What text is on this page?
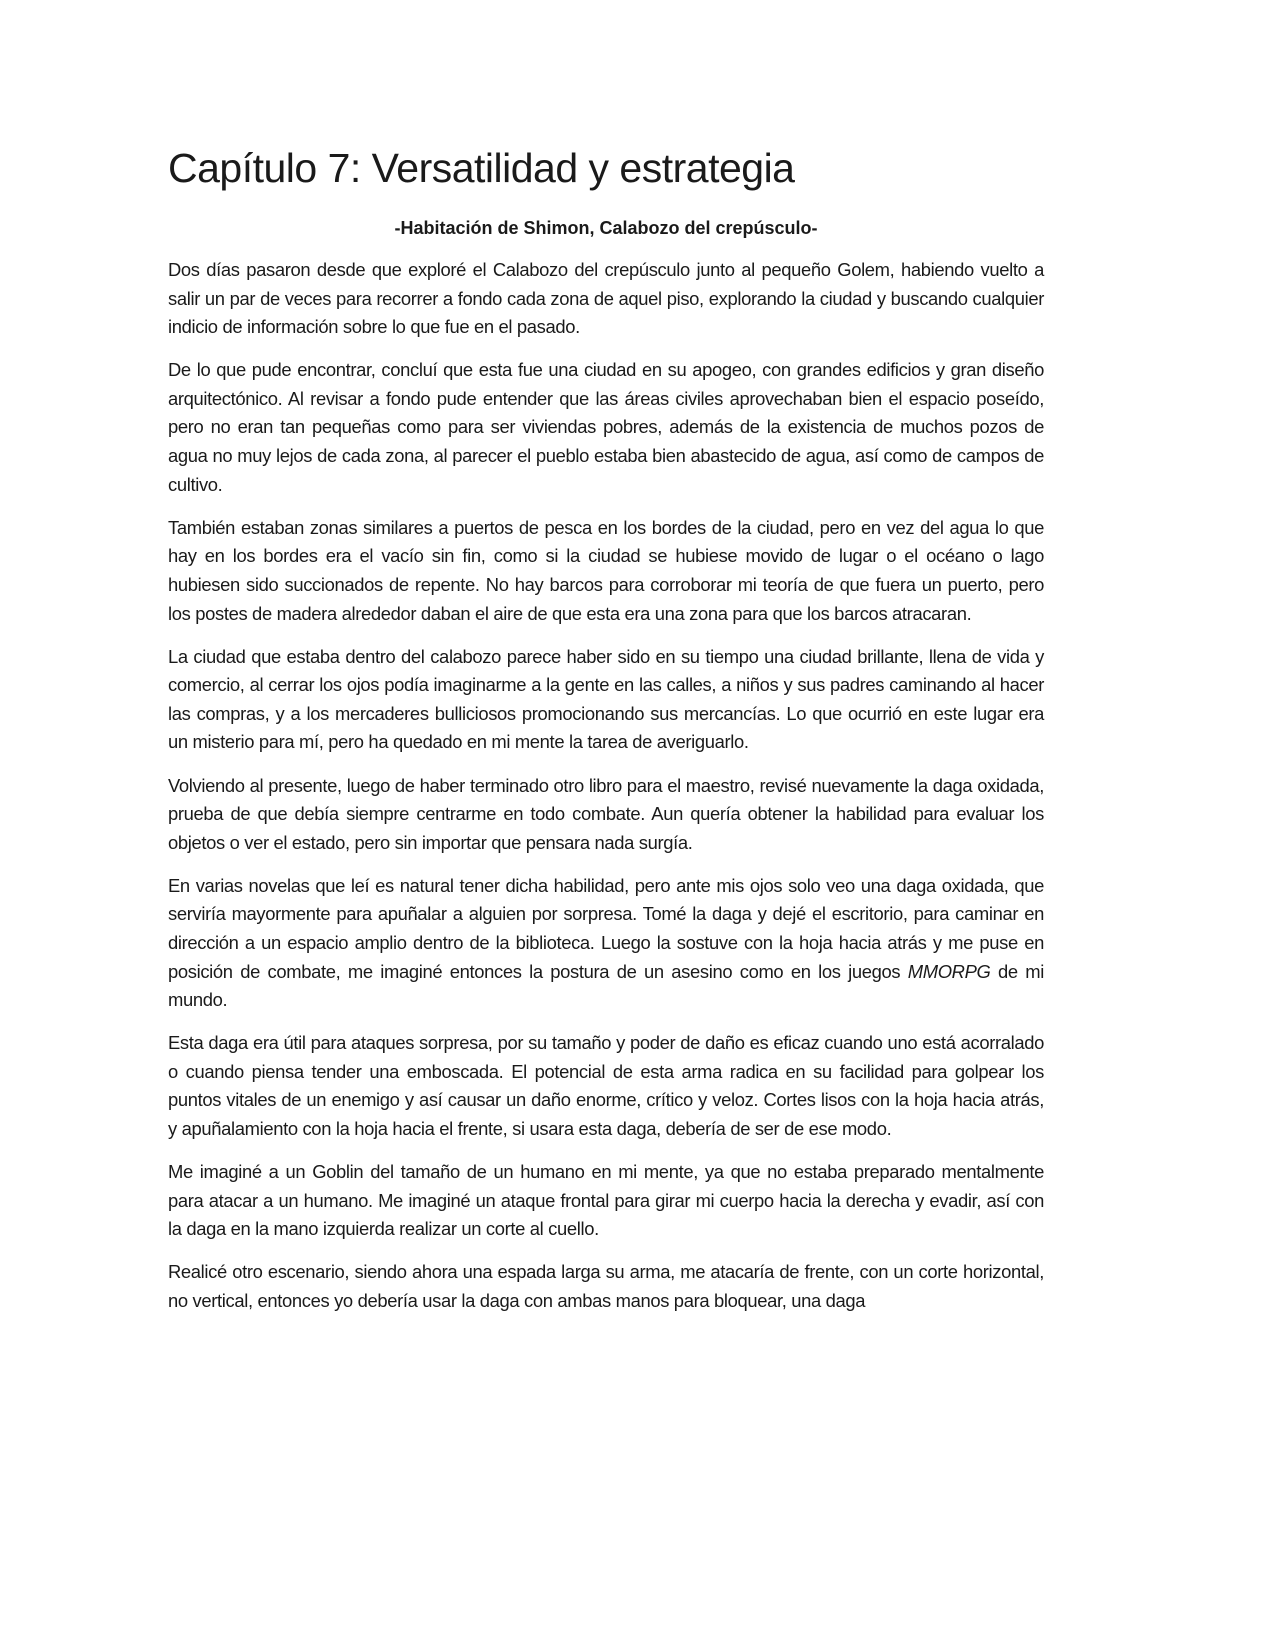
Capítulo 7: Versatilidad y estrategia
-Habitación de Shimon, Calabozo del crepúsculo-

Dos días pasaron desde que exploré el Calabozo del crepúsculo junto al pequeño Golem, habiendo vuelto a salir un par de veces para recorrer a fondo cada zona de aquel piso, explorando la ciudad y buscando cualquier indicio de información sobre lo que fue en el pasado.

De lo que pude encontrar, concluí que esta fue una ciudad en su apogeo, con grandes edificios y gran diseño arquitectónico. Al revisar a fondo pude entender que las áreas civiles aprovechaban bien el espacio poseído, pero no eran tan pequeñas como para ser viviendas pobres, además de la existencia de muchos pozos de agua no muy lejos de cada zona, al parecer el pueblo estaba bien abastecido de agua, así como de campos de cultivo.

También estaban zonas similares a puertos de pesca en los bordes de la ciudad, pero en vez del agua lo que hay en los bordes era el vacío sin fin, como si la ciudad se hubiese movido de lugar o el océano o lago hubiesen sido succionados de repente. No hay barcos para corroborar mi teoría de que fuera un puerto, pero los postes de madera alrededor daban el aire de que esta era una zona para que los barcos atracaran.

La ciudad que estaba dentro del calabozo parece haber sido en su tiempo una ciudad brillante, llena de vida y comercio, al cerrar los ojos podía imaginarme a la gente en las calles, a niños y sus padres caminando al hacer las compras, y a los mercaderes bulliciosos promocionando sus mercancías. Lo que ocurrió en este lugar era un misterio para mí, pero ha quedado en mi mente la tarea de averiguarlo.

Volviendo al presente, luego de haber terminado otro libro para el maestro, revisé nuevamente la daga oxidada, prueba de que debía siempre centrarme en todo combate. Aun quería obtener la habilidad para evaluar los objetos o ver el estado, pero sin importar que pensara nada surgía.

En varias novelas que leí es natural tener dicha habilidad, pero ante mis ojos solo veo una daga oxidada, que serviría mayormente para apuñalar a alguien por sorpresa. Tomé la daga y dejé el escritorio, para caminar en dirección a un espacio amplio dentro de la biblioteca. Luego la sostuve con la hoja hacia atrás y me puse en posición de combate, me imaginé entonces la postura de un asesino como en los juegos MMORPG de mi mundo.

Esta daga era útil para ataques sorpresa, por su tamaño y poder de daño es eficaz cuando uno está acorralado o cuando piensa tender una emboscada. El potencial de esta arma radica en su facilidad para golpear los puntos vitales de un enemigo y así causar un daño enorme, crítico y veloz. Cortes lisos con la hoja hacia atrás, y apuñalamiento con la hoja hacia el frente, si usara esta daga, debería de ser de ese modo.

Me imaginé a un Goblin del tamaño de un humano en mi mente, ya que no estaba preparado mentalmente para atacar a un humano. Me imaginé un ataque frontal para girar mi cuerpo hacia la derecha y evadir, así con la daga en la mano izquierda realizar un corte al cuello.

Realicé otro escenario, siendo ahora una espada larga su arma, me atacaría de frente, con un corte horizontal, no vertical, entonces yo debería usar la daga con ambas manos para bloquear, una daga
